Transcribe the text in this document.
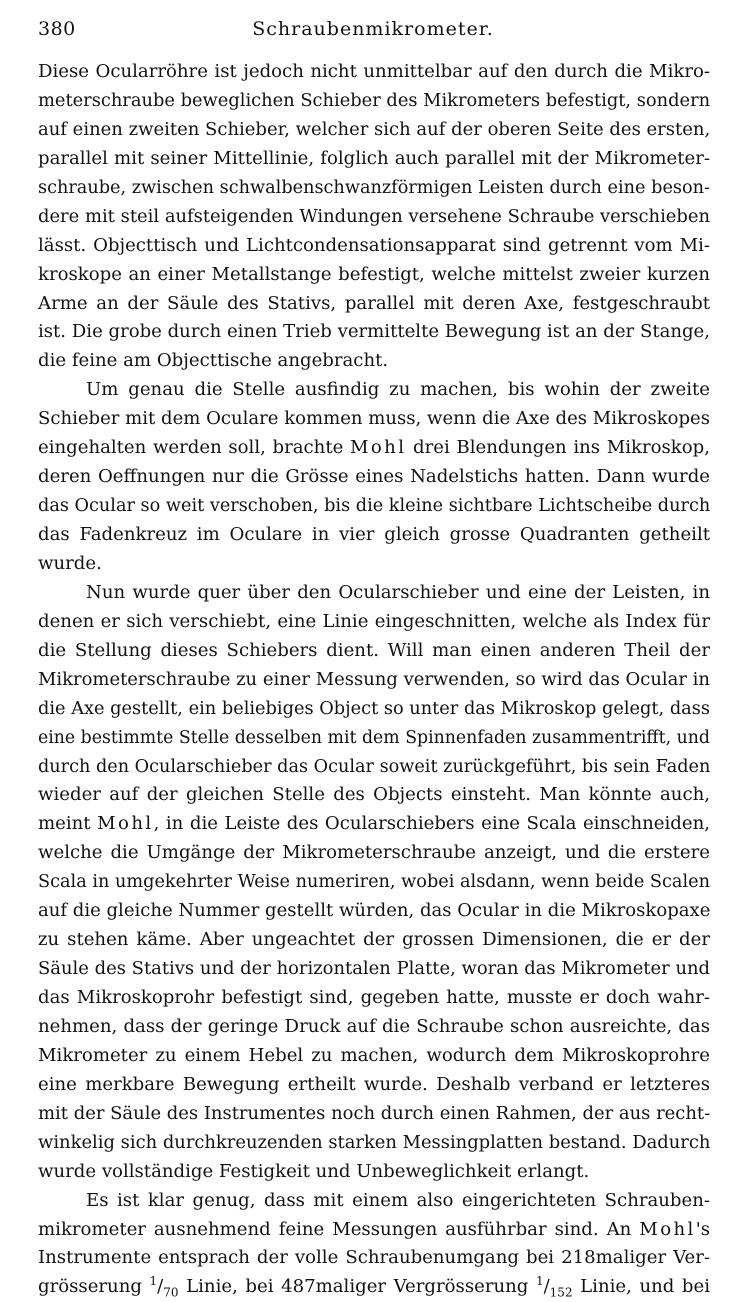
380	Schraubenmikrometer.
Diese Ocularröhre ist jedoch nicht unmittelbar auf den durch die Mikro-
meterschraube beweglichen Schieber des Mikrometers befestigt, sondern
auf einen zweiten Schieber, welcher sich auf der oberen Seite des ersten,
parallel mit seiner Mittellinie, folglich auch parallel mit der Mikrometer-
schraube, zwischen schwalbenschwanzförmigen Leisten durch eine beson-
dere mit steil aufsteigenden Windungen versehene Schraube verschieben
lässt. Objecttisch und Lichtcondensationsapparat sind getrennt vom Mi-
kroskope an einer Metallstange befestigt, welche mittelst zweier kurzen
Arme an der Säule des Stativs, parallel mit deren Axe, festgeschraubt
ist. Die grobe durch einen Trieb vermittelte Bewegung ist an der Stange,
die feine am Objecttische angebracht.
Um genau die Stelle ausfindig zu machen, bis wohin der zweite
Schieber mit dem Oculare kommen muss, wenn die Axe des Mikroskopes
eingehalten werden soll, brachte Mohl drei Blendungen ins Mikroskop,
deren Oeffnungen nur die Grösse eines Nadelstichs hatten. Dann wurde
das Ocular so weit verschoben, bis die kleine sichtbare Lichtscheibe durch
das Fadenkreuz im Oculare in vier gleich grosse Quadranten getheilt
wurde.
Nun wurde quer über den Ocularschieber und eine der Leisten, in
denen er sich verschiebt, eine Linie eingeschnitten, welche als Index für
die Stellung dieses Schiebers dient. Will man einen anderen Theil der
Mikrometerschraube zu einer Messung verwenden, so wird das Ocular in
die Axe gestellt, ein beliebiges Object so unter das Mikroskop gelegt, dass
eine bestimmte Stelle desselben mit dem Spinnenfaden zusammentrifft, und
durch den Ocularschieber das Ocular soweit zurückgeführt, bis sein Faden
wieder auf der gleichen Stelle des Objects einsteht. Man könnte auch,
meint Mohl, in die Leiste des Ocularschiebers eine Scala einschneiden,
welche die Umgänge der Mikrometerschraube anzeigt, und die erstere
Scala in umgekehrter Weise numeriren, wobei alsdann, wenn beide Scalen
auf die gleiche Nummer gestellt würden, das Ocular in die Mikroskopaxe
zu stehen käme. Aber ungeachtet der grossen Dimensionen, die er der
Säule des Stativs und der horizontalen Platte, woran das Mikrometer und
das Mikroskoprohr befestigt sind, gegeben hatte, musste er doch wahr-
nehmen, dass der geringe Druck auf die Schraube schon ausreichte, das
Mikrometer zu einem Hebel zu machen, wodurch dem Mikroskoprohre
eine merkbare Bewegung ertheilt wurde. Deshalb verband er letzteres
mit der Säule des Instrumentes noch durch einen Rahmen, der aus recht-
winkelig sich durchkreuzenden starken Messingplatten bestand. Dadurch
wurde vollständige Festigkeit und Unbeweglichkeit erlangt.
Es ist klar genug, dass mit einem also eingerichteten Schrauben-
mikrometer ausnehmend feine Messungen ausführbar sind. An Mohl's
Instrumente entsprach der volle Schraubenumgang bei 218maliger Ver-
grösserung $^1/_{70}$ Linie, bei 487maliger Vergrösserung $^1/_{152}$ Linie, und bei
